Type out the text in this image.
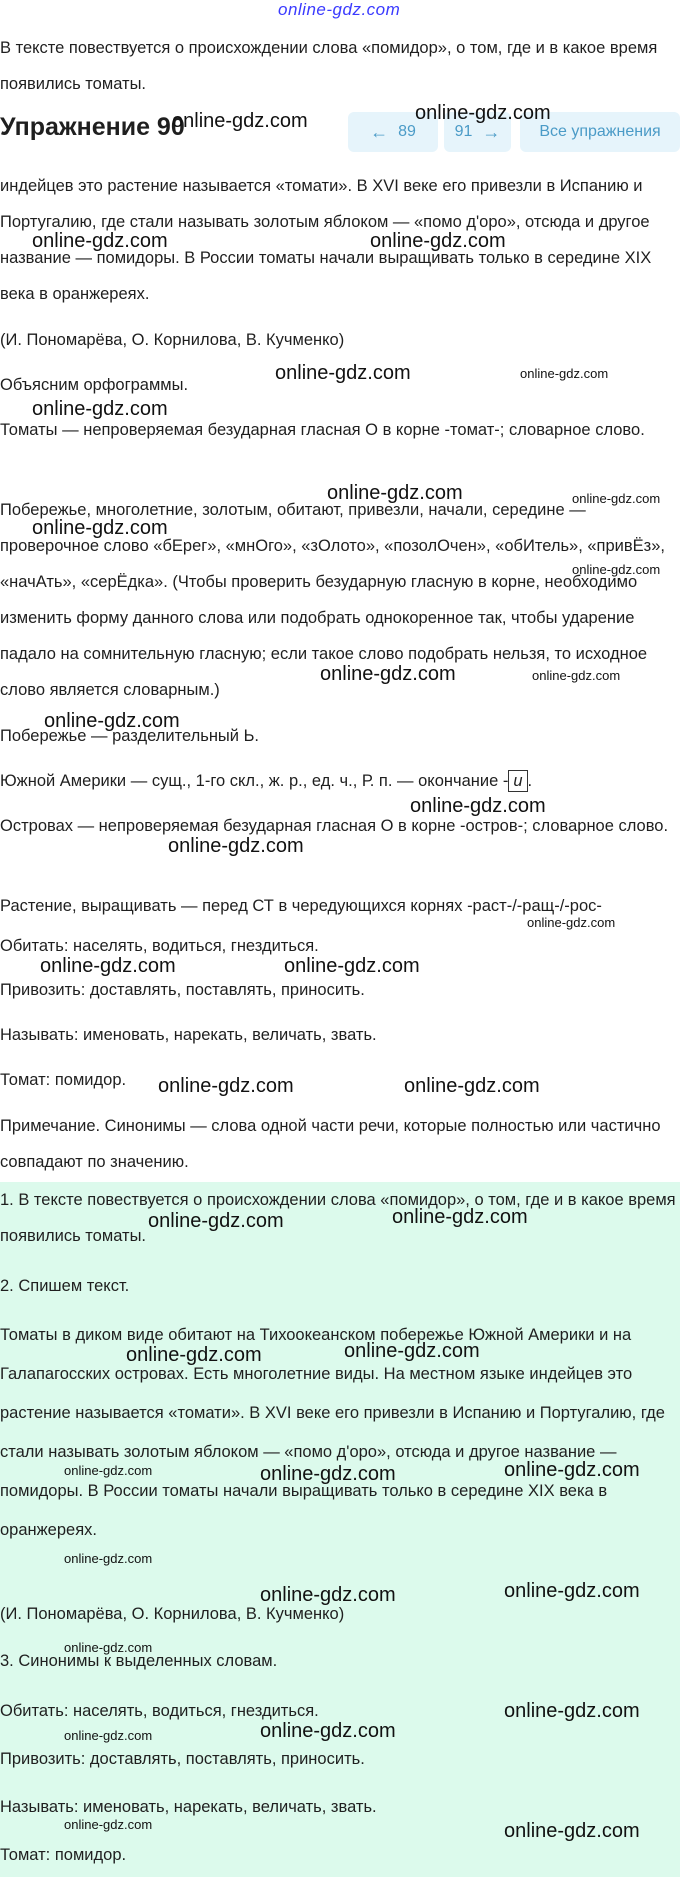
online-gdz.com

В тексте повествуется о происхождении слова «помидор», о том, где и в какое время появились томаты.

Упражнение 90	← 89 91 → Все упражнения

индейцев это растение называется «томати». В XVI веке его привезли в Испанию и Португалию, где стали называть золотым яблоком — «помо д'оро», отсюда и другое название — помидоры. В России томаты начали выращивать только в середине XIX века в оранжереях.

(И. Пономарёва, О. Корнилова, В. Кучменко)

Объясним орфограммы.

Томаты — непроверяемая безударная гласная О в корне -томат-; словарное слово.

Побережье, многолетние, золотым, обитают, привезли, начали, середине — проверочное слово «бЕрег», «мнОго», «зОлото», «позолОчен», «обИтель», «привЁз», «начАть», «серЁдка». (Чтобы проверить безударную гласную в корне, необходимо изменить форму данного слова или подобрать однокоренное так, чтобы ударение падало на сомнительную гласную; если такое слово подобрать нельзя, то исходное слово является словарным.)

Побережье — разделительный Ь.

Южной Америки — сущ., 1-го скл., ж. р., ед. ч., Р. п. — окончание - и .

Островах — непроверяемая безударная гласная О в корне -остров-; словарное слово.

Растение, выращивать — перед СТ в чередующихся корнях -раст-/-ращ-/-рос-

Обитать: населять, водиться, гнездиться.

Привозить: доставлять, поставлять, приносить.

Называть: именовать, нарекать, величать, звать.

Томат: помидор.

Примечание. Синонимы — слова одной части речи, которые полностью или частично совпадают по значению.

1. В тексте повествуется о происхождении слова «помидор», о том, где и в какое время появились томаты.

2. Спишем текст.

Томаты в диком виде обитают на Тихоокеанском побережье Южной Америки и на Галапагосских островах. Есть многолетние виды. На местном языке индейцев это растение называется «томати». В XVI веке его привезли в Испанию и Португалию, где стали называть золотым яблоком — «помо д'оро», отсюда и другое название — помидоры. В России томаты начали выращивать только в середине XIX века в оранжереях.

(И. Пономарёва, О. Корнилова, В. Кучменко)

3. Синонимы к выделенных словам.

Обитать: населять, водиться, гнездиться.

Привозить: доставлять, поставлять, приносить.

Называть: именовать, нарекать, величать, звать.

Томат: помидор.

online-gdz.com	online-gdz.com
online-gdz.com	online-gdz.com
online-gdz.com	online-gdz.com
online-gdz.com
online-gdz.com	online-gdz.com
online-gdz.com
online-gdz.com
online-gdz.com	online-gdz.com
online-gdz.com
online-gdz.com
online-gdz.com
online-gdz.com
online-gdz.com	online-gdz.com
online-gdz.com	online-gdz.com
online-gdz.com	online-gdz.com
online-gdz.com	online-gdz.com
online-gdz.com	online-gdz.com	online-gdz.com
online-gdz.com
online-gdz.com	online-gdz.com
online-gdz.com
online-gdz.com
online-gdz.com	online-gdz.com
online-gdz.com	online-gdz.com
